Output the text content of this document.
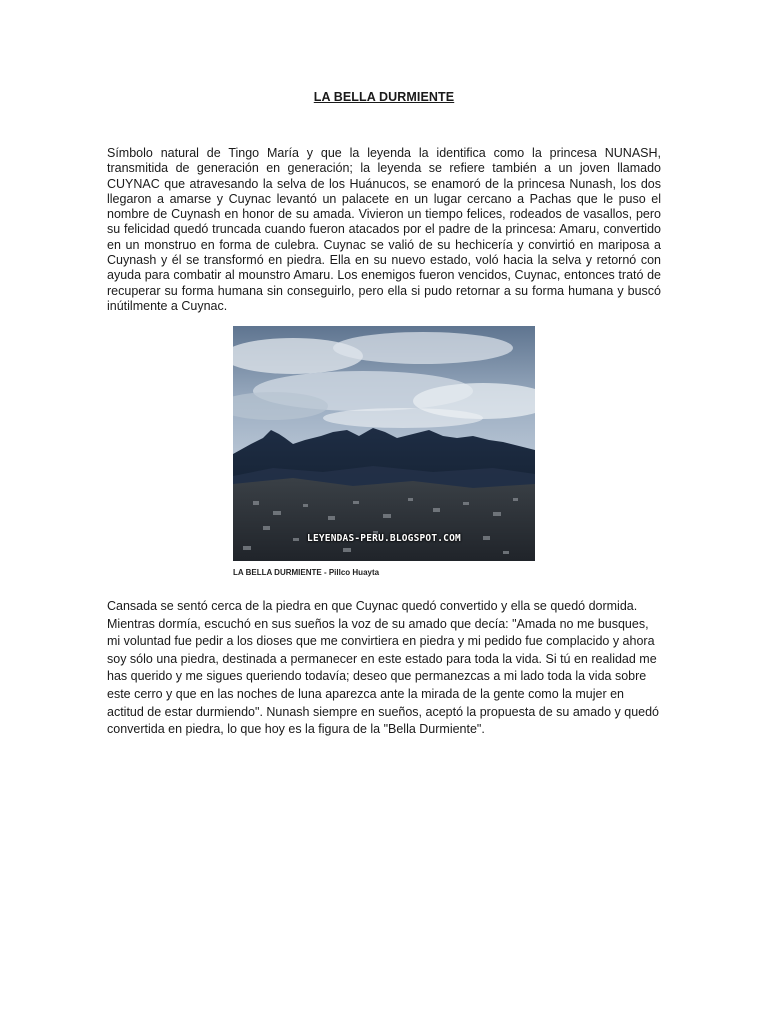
LA BELLA DURMIENTE

Símbolo natural de Tingo María y que la leyenda la identifica como la princesa NUNASH, transmitida de generación en generación; la leyenda se refiere también a un joven llamado CUYNAC que atravesando la selva de los Huánucos, se enamoró de la princesa Nunash, los dos llegaron a amarse y Cuynac levantó un palacete en un lugar cercano a Pachas que le puso el nombre de Cuynash en honor de su amada. Vivieron un tiempo felices, rodeados de vasallos, pero su felicidad quedó truncada cuando fueron atacados por el padre de la princesa: Amaru, convertido en un monstruo en forma de culebra. Cuynac se valió de su hechicería y convirtió en mariposa a Cuynash y él se transformó en piedra. Ella en su nuevo estado, voló hacia la selva y retornó con ayuda para combatir al mounstro Amaru. Los enemigos fueron vencidos, Cuynac, entonces trató de recuperar su forma humana sin conseguirlo, pero ella si pudo retornar a su forma humana y buscó inútilmente a Cuynac.

LEYENDAS-PERU.BLOGSPOT.COM
LA BELLA DURMIENTE - Pillco Huayta

Cansada se sentó cerca de la piedra en que Cuynac quedó convertido y ella se quedó dormida. Mientras dormía, escuchó en sus sueños la voz de su amado que decía: "Amada no me busques, mi voluntad fue pedir a los dioses que me convirtiera en piedra y mi pedido fue complacido y ahora soy sólo una piedra, destinada a permanecer en este estado para toda la vida. Si tú en realidad me has querido y me sigues queriendo todavía; deseo que permanezcas a mi lado toda la vida sobre este cerro y que en las noches de luna aparezca ante la mirada de la gente como la mujer en actitud de estar durmiendo". Nunash siempre en sueños, aceptó la propuesta de su amado y quedó convertida en piedra, lo que hoy es la figura de la "Bella Durmiente".
